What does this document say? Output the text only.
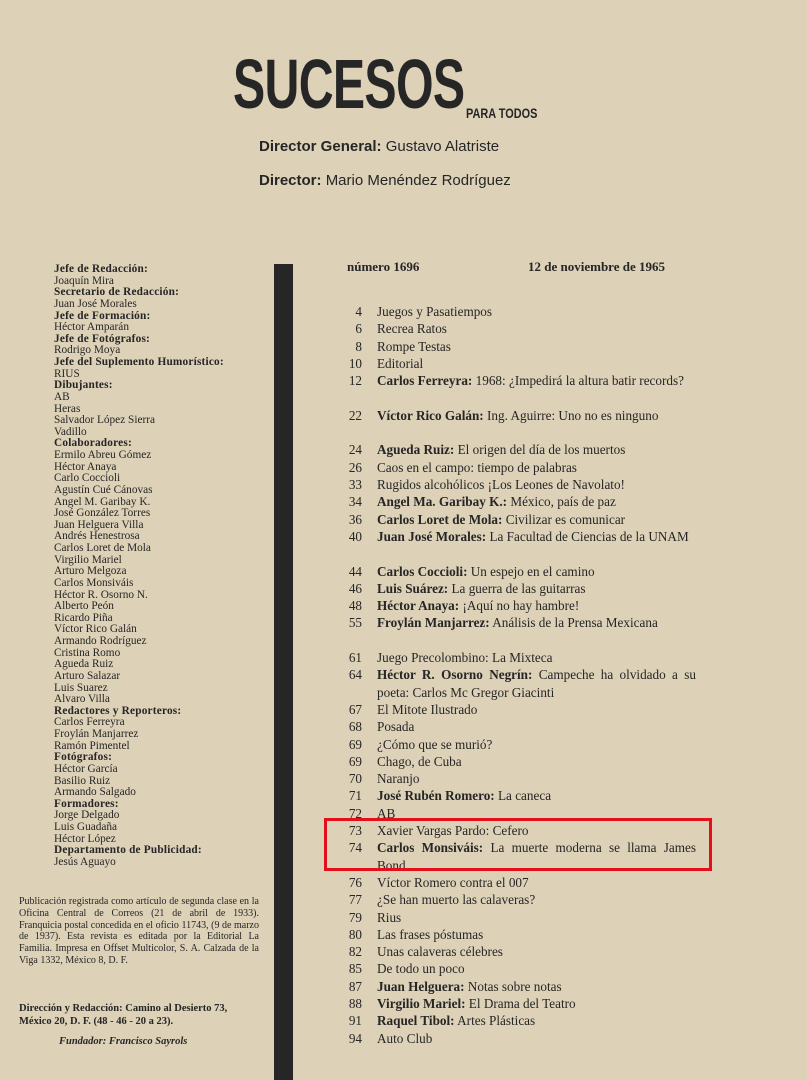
SUCESOS PARA TODOS
Director General: Gustavo Alatriste
Director: Mario Menéndez Rodríguez
Jefe de Redacción:
Joaquín Mira
Secretario de Redacción:
Juan José Morales
Jefe de Formación:
Héctor Amparán
Jefe de Fotógrafos:
Rodrigo Moya
Jefe del Suplemento Humorístico:
RIUS
Dibujantes:
AB
Heras
Salvador López Sierra
Vadillo
Colaboradores:
Ermilo Abreu Gómez
Héctor Anaya
Carlo Coccioli
Agustín Cué Cánovas
Angel M. Garibay K.
José González Torres
Juan Helguera Villa
Andrés Henestrosa
Carlos Loret de Mola
Virgilio Mariel
Arturo Melgoza
Carlos Monsiváis
Héctor R. Osorno N.
Alberto Peón
Ricardo Piña
Víctor Rico Galán
Armando Rodríguez
Cristina Romo
Agueda Ruiz
Arturo Salazar
Luis Suarez
Alvaro Villa
Redactores y Reporteros:
Carlos Ferreyra
Froylán Manjarrez
Ramón Pimentel
Fotógrafos:
Héctor García
Basilio Ruiz
Armando Salgado
Formadores:
Jorge Delgado
Luis Guadaña
Héctor López
Departamento de Publicidad:
Jesús Aguayo
Publicación registrada como artículo de segunda clase en la Oficina Central de Correos (21 de abril de 1933). Franquicia postal concedida en el oficio 11743, (9 de marzo de 1937). Esta revista es editada por la Editorial La Familia. Impresa en Offset Multicolor, S. A. Calzada de la Viga 1332, México 8, D. F.
Dirección y Redacción: Camino al Desierto 73, México 20, D. F. (48 - 46 - 20 a 23).
Fundador: Francisco Sayrols
número 1696	12 de noviembre de 1965
4 Juegos y Pasatiempos
6 Recrea Ratos
8 Rompe Testas
10 Editorial
12 Carlos Ferreyra: 1968: ¿Impedirá la altura batir records?
22 Víctor Rico Galán: Ing. Aguirre: Uno no es ninguno
24 Agueda Ruiz: El origen del día de los muertos
26 Caos en el campo: tiempo de palabras
33 Rugidos alcohólicos ¡Los Leones de Navolato!
34 Angel Ma. Garibay K.: México, país de paz
36 Carlos Loret de Mola: Civilizar es comunicar
40 Juan José Morales: La Facultad de Ciencias de la UNAM
44 Carlos Coccioli: Un espejo en el camino
46 Luis Suárez: La guerra de las guitarras
48 Héctor Anaya: ¡Aquí no hay hambre!
55 Froylán Manjarrez: Análisis de la Prensa Mexicana
61 Juego Precolombino: La Mixteca
64 Héctor R. Osorno Negrín: Campeche ha olvidado a su poeta: Carlos Mc Gregor Giacinti
67 El Mitote Ilustrado
68 Posada
69 ¿Cómo que se murió?
69 Chago, de Cuba
70 Naranjo
71 José Rubén Romero: La caneca
72 AB
73 Xavier Vargas Pardo: Cefero
74 Carlos Monsiváis: La muerte moderna se llama James Bond
76 Víctor Romero contra el 007
77 ¿Se han muerto las calaveras?
79 Rius
80 Las frases póstumas
82 Unas calaveras célebres
85 De todo un poco
87 Juan Helguera: Notas sobre notas
88 Virgilio Mariel: El Drama del Teatro
91 Raquel Tibol: Artes Plásticas
94 Auto Club
